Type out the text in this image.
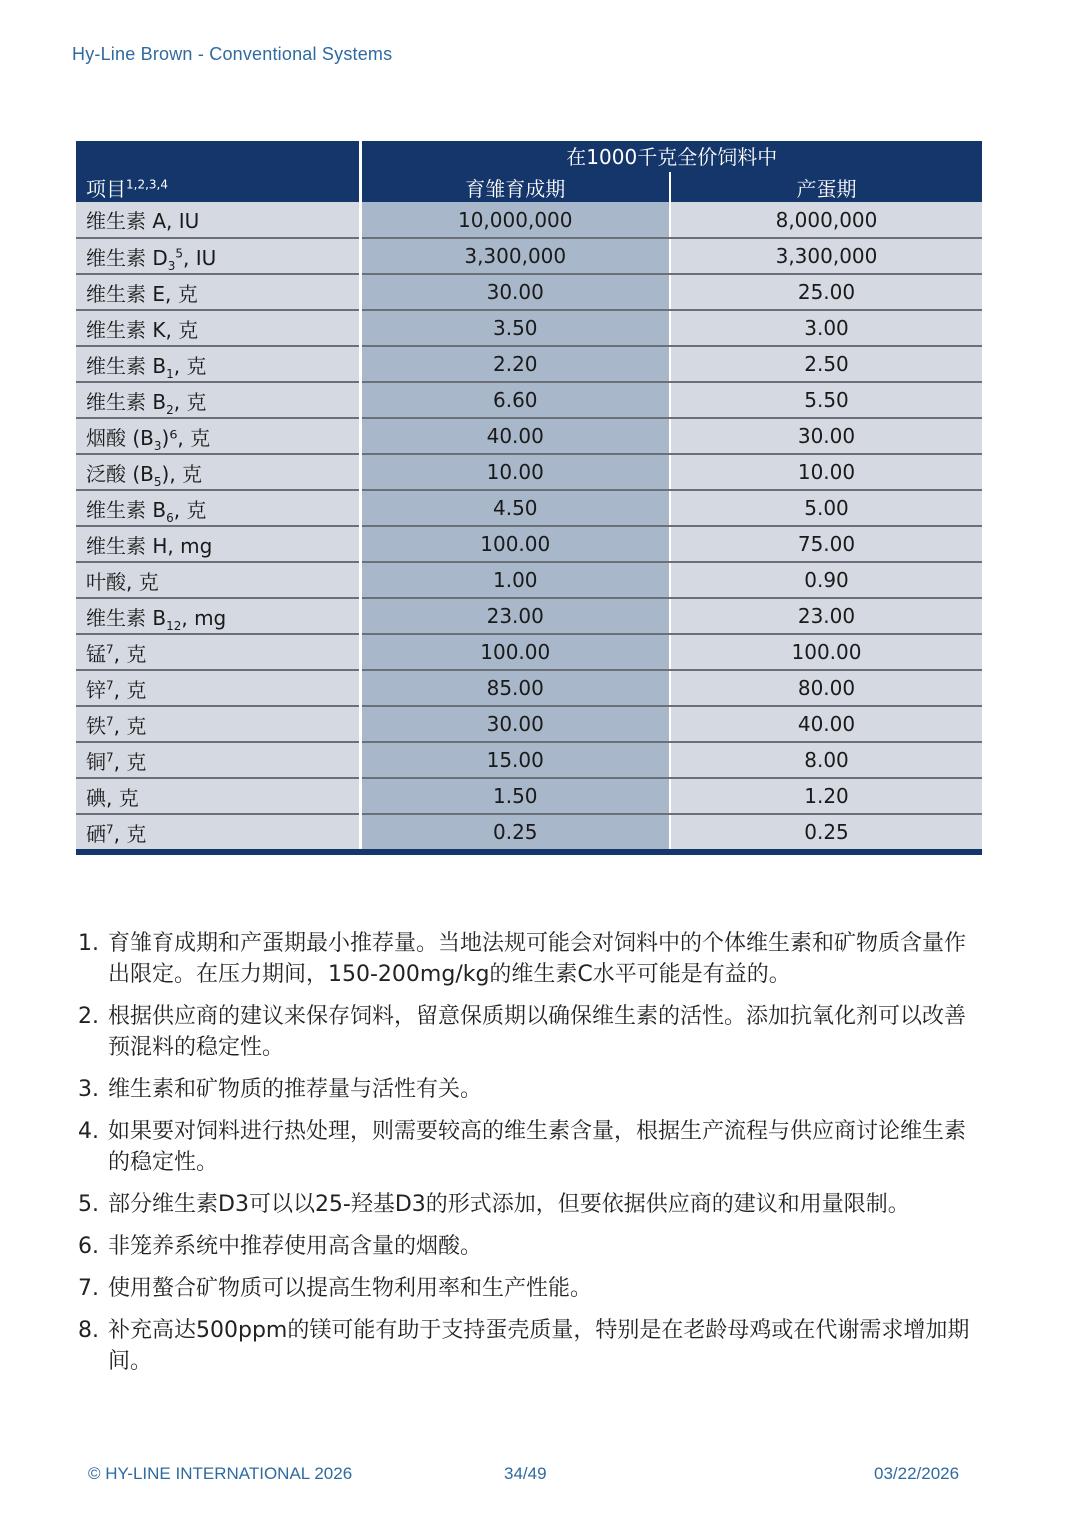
Hy-Line Brown - Conventional Systems
项目$^{1,2,3,4}$	在1000千克全价饲料中	
	育雏育成期	产蛋期
维生素 A, IU	10,000,000	8,000,000
维生素 $D_3^5$, IU	3,300,000	3,300,000
维生素 E, 克	30.00	25.00
维生素 K, 克	3.50	3.00
维生素 $B_1$, 克	2.20	2.50
维生素 $B_2$, 克	6.60	5.50
烟酸 $(B_3)^6$, 克	40.00	30.00
泛酸 $(B_5)$, 克	10.00	10.00
维生素 $B_6$, 克	4.50	5.00
维生素 H, mg	100.00	75.00
叶酸, 克	1.00	0.90
维生素 $B_{12}$, mg	23.00	23.00
锰$^7$, 克	100.00	100.00
锌$^7$, 克	85.00	80.00
铁$^7$, 克	30.00	40.00
铜$^7$, 克	15.00	8.00
碘, 克	1.50	1.20
硒$^7$, 克	0.25	0.25
1. 育雏育成期和产蛋期最小推荐量。当地法规可能会对饲料中的个体维生素和矿物质含量作出限定。在压力期间，150-200mg/kg的维生素C水平可能是有益的。
2. 根据供应商的建议来保存饲料，留意保质期以确保维生素的活性。添加抗氧化剂可以改善预混料的稳定性。
3. 维生素和矿物质的推荐量与活性有关。
4. 如果要对饲料进行热处理，则需要较高的维生素含量，根据生产流程与供应商讨论维生素的稳定性。
5. 部分维生素D3可以以25-羟基D3的形式添加，但要依据供应商的建议和用量限制。
6. 非笼养系统中推荐使用高含量的烟酸。
7. 使用螯合矿物质可以提高生物利用率和生产性能。
8. 补充高达500ppm的镁可能有助于支持蛋壳质量，特别是在老龄母鸡或在代谢需求增加期间。
© HY-LINE INTERNATIONAL 2026	34/49	03/22/2026
